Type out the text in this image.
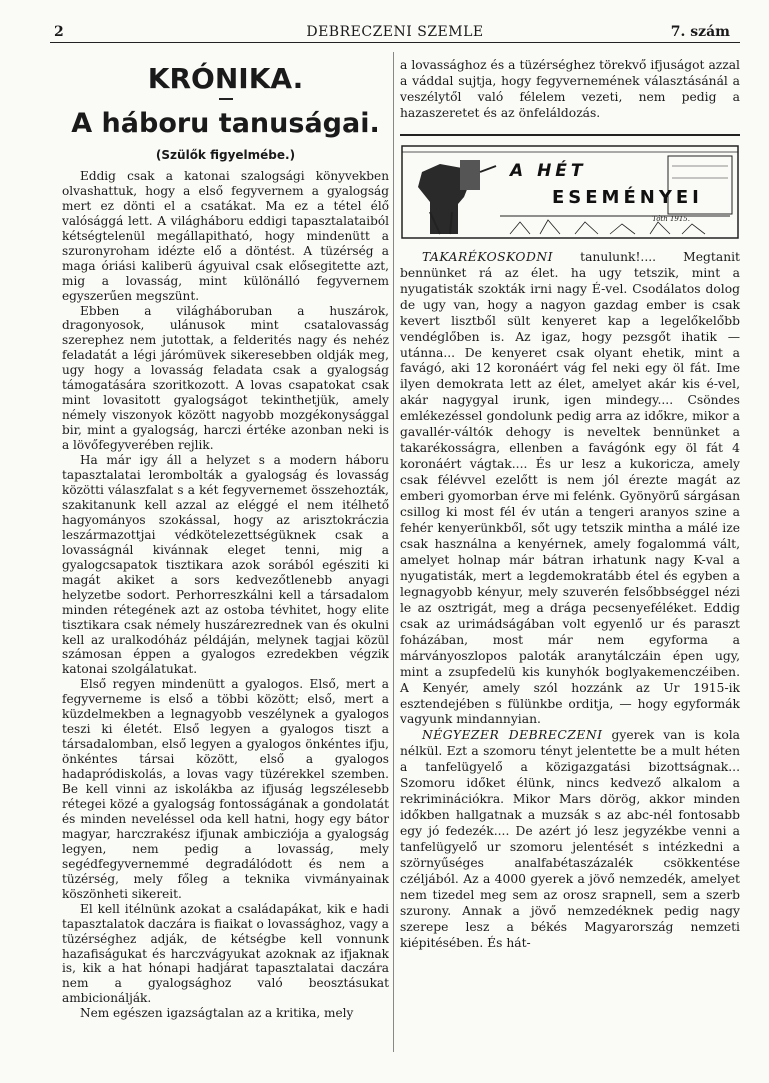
2	DEBRECZENI SZEMLE	7. szám
KRÓNIKA.
A háboru tanuságai.
(Szülők figyelmébe.)

Eddig csak a katonai szalogsági könyvekben olvashattuk, hogy a első fegyvernem a gyalogság mert ez dönti el a csatákat. Ma ez a tétel élő valósággá lett. A világháboru eddigi tapasztalataiból kétségtelenül megállapitható, hogy mindenütt a szuronyroham idézte elő a döntést. A tüzérség a maga óriási kaliberü ágyuival csak elősegitette azt, mig a lovasság, mint különálló fegyvernem egyszerűen megszünt.

Ebben a világháboruban a huszárok, dragonyosok, ulánusok mint csatalovasság szerephez nem jutottak, a felderités nagy és nehéz feladatát a légi járómüvek sikeresebben oldják meg, ugy hogy a lovasság feladata csak a gyalogság támogatására szoritkozott. A lovas csapatokat csak mint lovasitott gyalogságot tekinthetjük, amely némely viszonyok között nagyobb mozgékonysággal bir, mint a gyalogság, harczi értéke azonban neki is a lövőfegyverében rejlik.

Ha már igy áll a helyzet s a modern háboru tapasztalatai lerombolták a gyalogság és lovasság közötti válaszfalat s a két fegyvernemet összehozták, szakitanunk kell azzal az eléggé el nem itélhető hagyományos szokással, hogy az arisztokráczia leszármazottjai védkötelezettségüknek csak a lovasságnál kivánnak eleget tenni, mig a gyalogcsapatok tisztikara azok sorából egésziti ki magát akiket a sors kedvezőtlenebb anyagi helyzetbe sodort. Perhorreszkálni kell a társadalom minden rétegének azt az ostoba tévhitet, hogy elite tisztikara csak némely huszárezrednek van és okulni kell az uralkodóház példáján, melynek tagjai közül számosan éppen a gyalogos ezredekben végzik katonai szolgálatukat.

Első regyen mindenütt a gyalogos. Első, mert a fegyverneme is első a többi között; első, mert a küzdelmekben a legnagyobb veszélynek a gyalogos teszi ki életét. Első legyen a gyalogos tiszt a társadalomban, első legyen a gyalogos önkéntes ifju, önkéntes társai között, első a gyalogos hadapródiskolás, a lovas vagy tüzérekkel szemben. Be kell vinni az iskolákba az ifjuság legszélesebb rétegei közé a gyalogság fontosságának a gondolatát és minden neveléssel oda kell hatni, hogy egy bátor magyar, harczrakész ifjunak ambicziója a gyalogság legyen, nem pedig a lovasság, mely segédfegyvernemmé degradálódott és nem a tüzérség, mely főleg a teknika vivmányainak köszönheti sikereit.

El kell itélnünk azokat a családapákat, kik e hadi tapasztalatok daczára is fiaikat o lovassághoz, vagy a tüzérséghez adják, de kétségbe kell vonnunk hazafiságukat és harczvágyukat azoknak az ifjaknak is, kik a hat hónapi hadjárat tapasztalatai daczára nem a gyalogsághoz való beosztásukat ambicionálják.

Nem egészen igazságtalan az a kritika, mely

a lovassághoz és a tüzérséghez törekvő ifjuságot azzal a váddal sujtja, hogy fegyvernemének választásánál a veszélytől való félelem vezeti, nem pedig a hazaszeretet és az önfeláldozás.

A HÉT
ESEMÉNYEI
Tóth 1915.

TAKARÉKOSKODNI tanulunk!.... Megtanit bennünket rá az élet. ha ugy tetszik, mint a nyugatisták szokták irni nagy É-vel. Csodálatos dolog de ugy van, hogy a nagyon gazdag ember is csak kevert lisztből sült kenyeret kap a legelőkelőbb vendéglőben is. Az igaz, hogy pezsgőt ihatik — utánna... De kenyeret csak olyant ehetik, mint a favágó, aki 12 koronáért vág fel neki egy öl fát. Ime ilyen demokrata lett az élet, amelyet akár kis é-vel, akár nagygyal irunk, igen mindegy.... Csöndes emlékezéssel gondolunk pedig arra az időkre, mikor a gavallér-váltók dehogy is neveltek bennünket a takarékosságra, ellenben a favágónk egy öl fát 4 koronáért vágtak.... És ur lesz a kukoricza, amely csak félévvel ezelőtt is nem jól érezte magát az emberi gyomorban érve mi felénk. Gyönyörű sárgásan csillog ki most fél év után a tengeri aranyos szine a fehér kenyerünkből, sőt ugy tetszik mintha a málé ize csak használna a kenyérnek, amely fogalommá vált, amelyet holnap már bátran irhatunk nagy K-val a nyugatisták, mert a legdemokratább étel és egyben a legnagyobb kényur, mely szuverén felsőbbséggel nézi le az osztrigát, meg a drága pecsenyeféléket. Eddig csak az urimádságában volt egyenlő ur és paraszt foházában, most már nem egyforma a márványoszlopos paloták aranytálczáin épen ugy, mint a zsupfedelü kis kunyhók boglyakemenczéiben. A Kenyér, amely szól hozzánk az Ur 1915-ik esztendejében s fülünkbe orditja, — hogy egyformák vagyunk mindannyian.

NÉGYEZER DEBRECZENI gyerek van is kola nélkül. Ezt a szomoru tényt jelentette be a mult héten a tanfelügyelő a közigazgatási bizottságnak... Szomoru időket élünk, nincs kedvező alkalom a rekriminációkra. Mikor Mars dörög, akkor minden időkben hallgatnak a muzsák s az abc-nél fontosabb egy jó fedezék.... De azért jó lesz jegyzékbe venni a tanfelügyelő ur szomoru jelentését s intézkedni a szörnyűséges analfabétaszázalék csökkentése czéljából. Az a 4000 gyerek a jövő nemzedék, amelyet nem tizedel meg sem az orosz srapnell, sem a szerb szurony. Annak a jövő nemzedéknek pedig nagy szerepe lesz a békés Magyarország nemzeti kiépitésében. És hát-
